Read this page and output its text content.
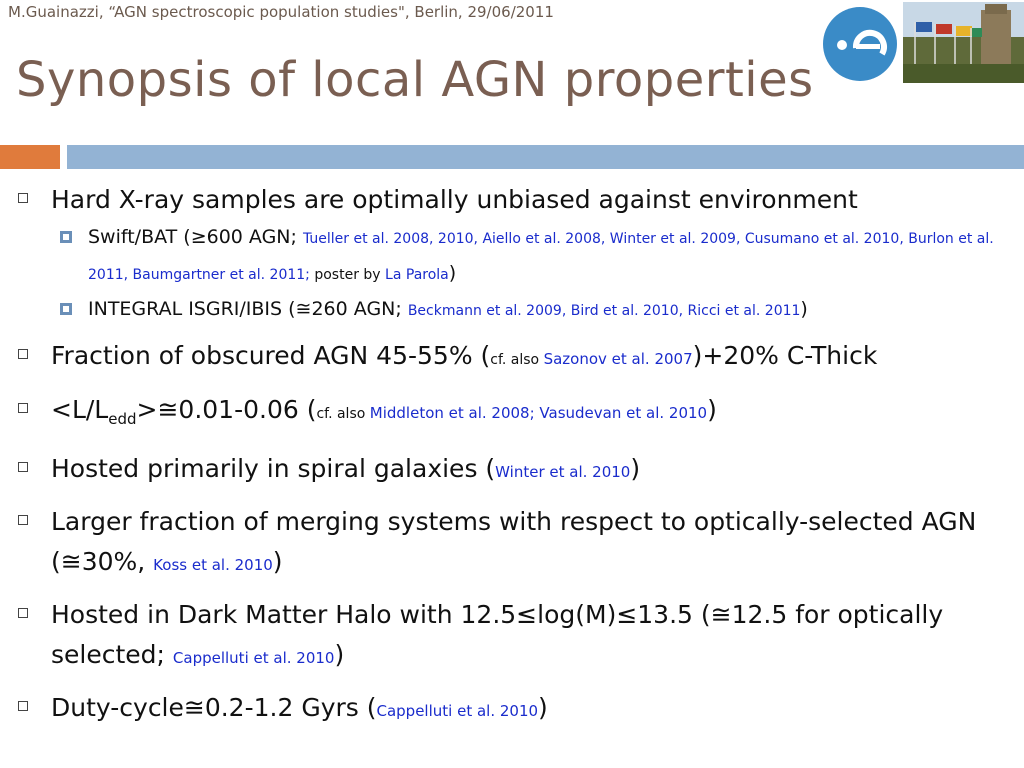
M.Guainazzi, “AGN spectroscopic population studies", Berlin, 29/06/2011
Synopsis of local AGN properties
Hard X-ray samples are optimally unbiased against environment
Swift/BAT (≥600 AGN; Tueller et al. 2008, 2010, Aiello et al. 2008, Winter et al. 2009, Cusumano et al. 2010, Burlon et al. 2011, Baumgartner et al. 2011; poster by La Parola)
INTEGRAL ISGRI/IBIS (≅260 AGN; Beckmann et al. 2009, Bird et al. 2010, Ricci et al. 2011)
Fraction of obscured AGN 45-55% (cf. also Sazonov et al. 2007)+20% C-Thick
$<L/L_{edd}>≅0.01-0.06$ (cf. also Middleton et al. 2008; Vasudevan et al. 2010)
Hosted primarily in spiral galaxies (Winter et al. 2010)
Larger fraction of merging systems with respect to optically-selected AGN (≅30%, Koss et al. 2010)
Hosted in Dark Matter Halo with 12.5≤log(M)≤13.5 (≅12.5 for optically selected; Cappelluti et al. 2010)
Duty-cycle≅0.2-1.2 Gyrs (Cappelluti et al. 2010)
